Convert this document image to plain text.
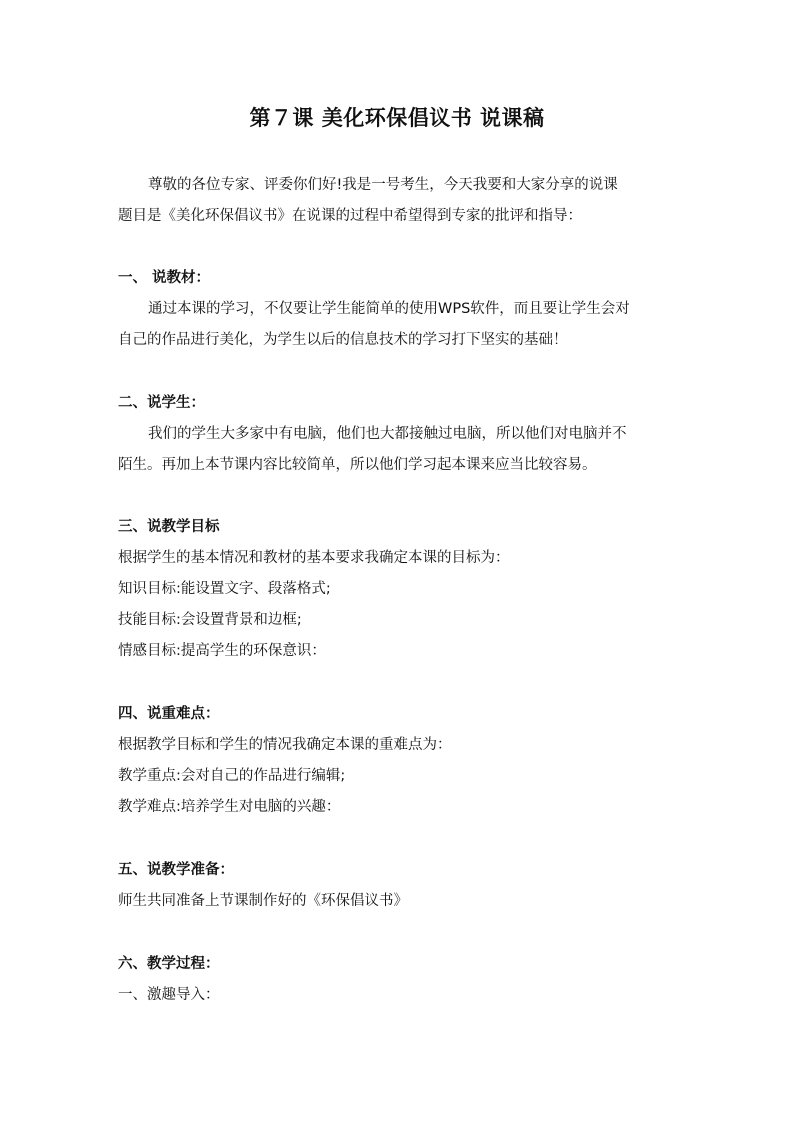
第７课 美化环保倡议书 说课稿
尊敬的各位专家、评委你们好!我是一号考生，今天我要和大家分享的说课
题目是《美化环保倡议书》在说课的过程中希望得到专家的批评和指导：
一、 说教材：
通过本课的学习，不仅要让学生能简单的使用WPS软件，而且要让学生会对
自己的作品进行美化，为学生以后的信息技术的学习打下坚实的基础！
二、说学生：
我们的学生大多家中有电脑，他们也大都接触过电脑，所以他们对电脑并不
陌生。再加上本节课内容比较简单，所以他们学习起本课来应当比较容易。
三、说教学目标
根据学生的基本情况和教材的基本要求我确定本课的目标为：
知识目标:能设置文字、段落格式;
技能目标:会设置背景和边框;
情感目标:提高学生的环保意识：
四、说重难点：
根据教学目标和学生的情况我确定本课的重难点为：
教学重点:会对自己的作品进行编辑;
教学难点:培养学生对电脑的兴趣：
五、说教学准备：
师生共同准备上节课制作好的《环保倡议书》
六、教学过程：
一、激趣导入：
